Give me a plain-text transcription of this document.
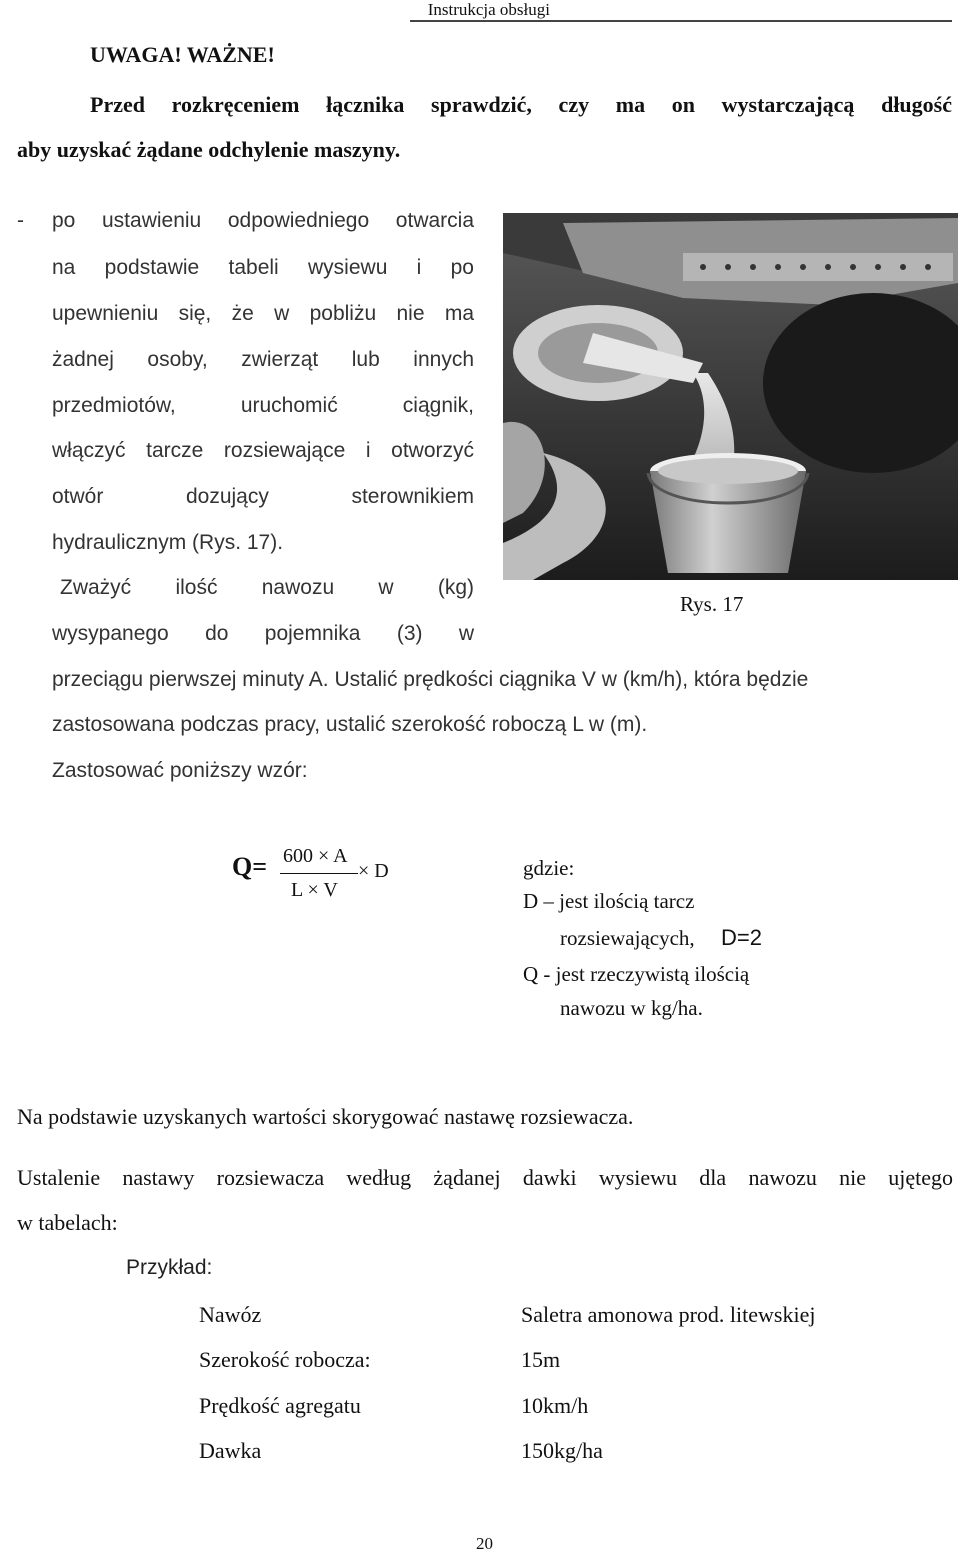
Instrukcja obsługi
UWAGA! WAŻNE!
Przed rozkręceniem łącznika sprawdzić, czy ma on wystarczającą długość
aby uzyskać żądane odchylenie maszyny.
- po ustawieniu odpowiedniego otwarcia
na podstawie tabeli wysiewu i po
upewnieniu się, że w pobliżu nie ma
żadnej osoby, zwierząt lub innych
przedmiotów, uruchomić ciągnik,
włączyć tarcze rozsiewające i otworzyć
otwór dozujący sterownikiem
hydraulicznym (Rys. 17).
Zważyć ilość nawozu w (kg)
wysypanego do pojemnika (3) w
przeciągu pierwszej minuty A. Ustalić prędkości ciągnika V w (km/h), która będzie
zastosowana podczas pracy, ustalić szerokość roboczą L w (m).
Zastosować poniższy wzór:
Rys. 17
Q= 600 × A
L × V
× D	gdzie:
D – jest ilością tarcz
rozsiewających, D=2
Q - jest rzeczywistą ilością
nawozu w kg/ha.
Na podstawie uzyskanych wartości skorygować nastawę rozsiewacza.
Ustalenie nastawy rozsiewacza według żądanej dawki wysiewu dla nawozu nie ujętego
w tabelach:
Przykład:
Nawóz	Saletra amonowa prod. litewskiej
Szerokość robocza:	15m
Prędkość agregatu	10km/h
Dawka	150kg/ha
20
